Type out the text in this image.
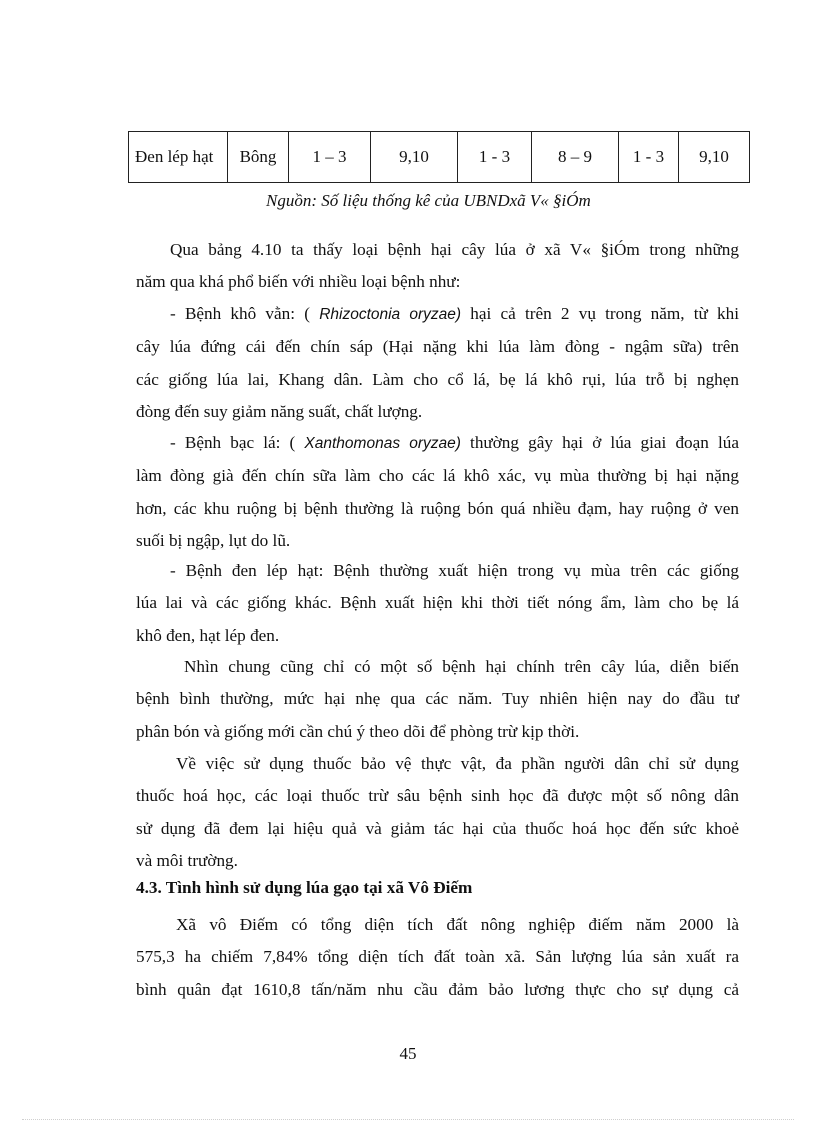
Đen lép hạt	Bông	1 – 3	9,10	1 - 3	8 – 9	1 - 3	9,10
Nguồn: Số liệu thống kê của UBNDxã V« §iÓm
Qua bảng 4.10 ta thấy loại bệnh hại cây lúa ở xã V« §iÓm trong những
năm qua khá phổ biến với nhiều loại bệnh như:
- Bệnh khô vằn: ( Rhizoctonia oryzae) hại cả trên 2 vụ trong năm, từ khi
cây lúa đứng cái đến chín sáp (Hại nặng khi lúa làm đòng - ngậm sữa) trên
các giống lúa lai, Khang dân. Làm cho cổ lá, bẹ lá khô rụi, lúa trỗ bị nghẹn
đòng đến suy giảm năng suất, chất lượng.
- Bệnh bạc lá: ( Xanthomonas oryzae) thường gây hại ở lúa giai đoạn lúa
làm đòng già đến chín sữa làm cho các lá khô xác, vụ mùa thường bị hại nặng
hơn, các khu ruộng bị bệnh thường là ruộng bón quá nhiều đạm, hay ruộng ở ven
suối bị ngập, lụt do lũ.
- Bệnh đen lép hạt: Bệnh thường xuất hiện trong vụ mùa trên các giống
lúa lai và các giống khác. Bệnh xuất hiện khi thời tiết nóng ẩm, làm cho bẹ lá
khô đen, hạt lép đen.
Nhìn chung cũng chỉ có một số bệnh hại chính trên cây lúa, diễn biến
bệnh bình thường, mức hại nhẹ qua các năm. Tuy nhiên hiện nay do đầu tư
phân bón và giống mới cần chú ý theo dõi để phòng trừ kịp thời.
Về việc sử dụng thuốc bảo vệ thực vật, đa phần người dân chỉ sử dụng
thuốc hoá học, các loại thuốc trừ sâu bệnh sinh học đã được một số nông dân
sử dụng đã đem lại hiệu quả và giảm tác hại của thuốc hoá học đến sức khoẻ
và môi trường.
4.3. Tình hình sử dụng lúa gạo tại xã Vô Điếm
Xã vô Điếm có tổng diện tích đất nông nghiệp điếm năm 2000 là
575,3 ha chiếm 7,84% tổng diện tích đất toàn xã. Sản lượng lúa sản xuất ra
bình quân đạt 1610,8 tấn/năm nhu cầu đảm bảo lương thực cho sự dụng cả
45
